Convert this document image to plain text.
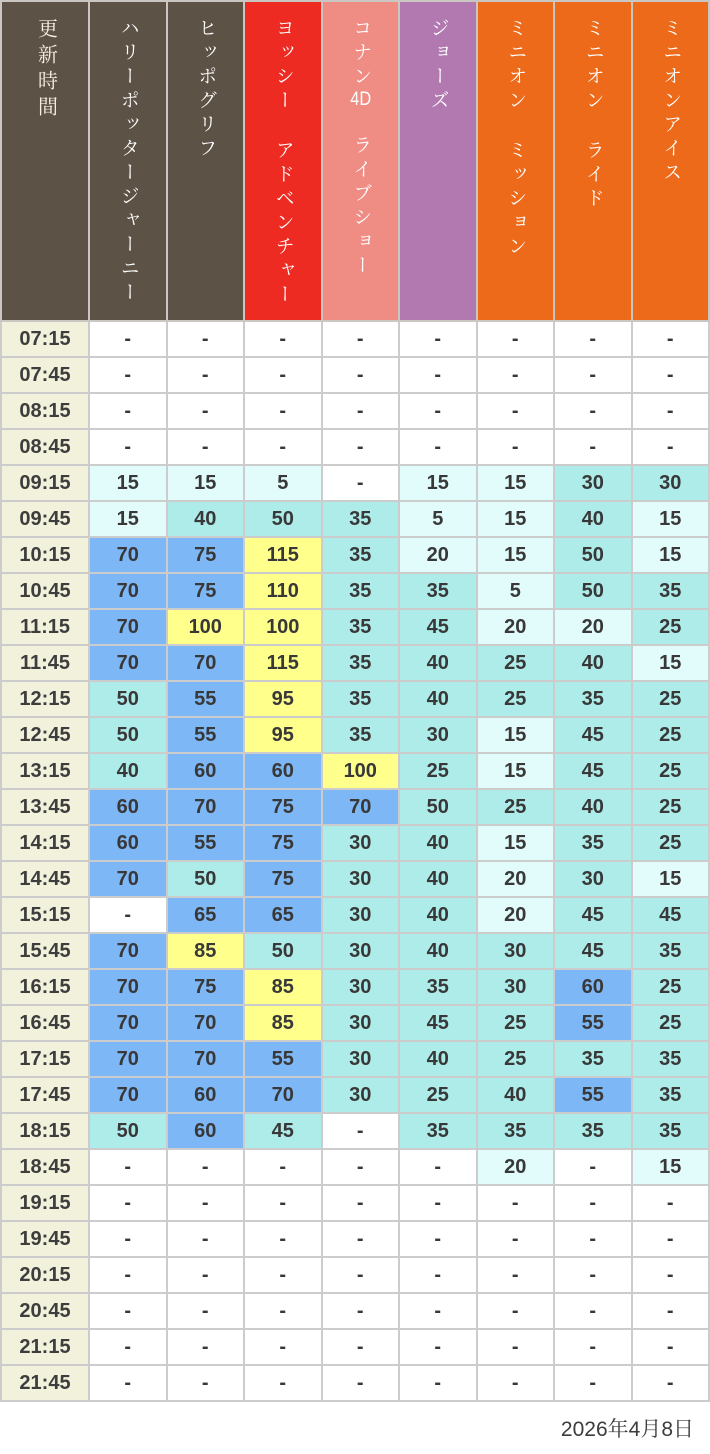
更新時間	ハリーポッタージャーニー	ヒッポグリフ	ヨッシー アドベンチャー	コナン4D ライブショー	ジョーズ	ミニオン ミッション	ミニオン ライド	ミニオンアイス
07:15	-	-	-	-	-	-	-	-

07:45	-	-	-	-	-	-	-	-

08:15	-	-	-	-	-	-	-	-

08:45	-	-	-	-	-	-	-	-

09:15	15	15	5	-	15	15	30	30

09:45	15	40	50	35	5	15	40	15

10:15	70	75	115	35	20	15	50	15

10:45	70	75	110	35	35	5	50	35

11:15	70	100	100	35	45	20	20	25

11:45	70	70	115	35	40	25	40	15

12:15	50	55	95	35	40	25	35	25

12:45	50	55	95	35	30	15	45	25

13:15	40	60	60	100	25	15	45	25

13:45	60	70	75	70	50	25	40	25

14:15	60	55	75	30	40	15	35	25

14:45	70	50	75	30	40	20	30	15

15:15	-	65	65	30	40	20	45	45

15:45	70	85	50	30	40	30	45	35

16:15	70	75	85	30	35	30	60	25

16:45	70	70	85	30	45	25	55	25

17:15	70	70	55	30	40	25	35	35

17:45	70	60	70	30	25	40	55	35

18:15	50	60	45	-	35	35	35	35

18:45	-	-	-	-	-	20	-	15

19:15	-	-	-	-	-	-	-	-

19:45	-	-	-	-	-	-	-	-

20:15	-	-	-	-	-	-	-	-

20:45	-	-	-	-	-	-	-	-

21:15	-	-	-	-	-	-	-	-

21:45	-	-	-	-	-	-	-	-
2026年4月8日
